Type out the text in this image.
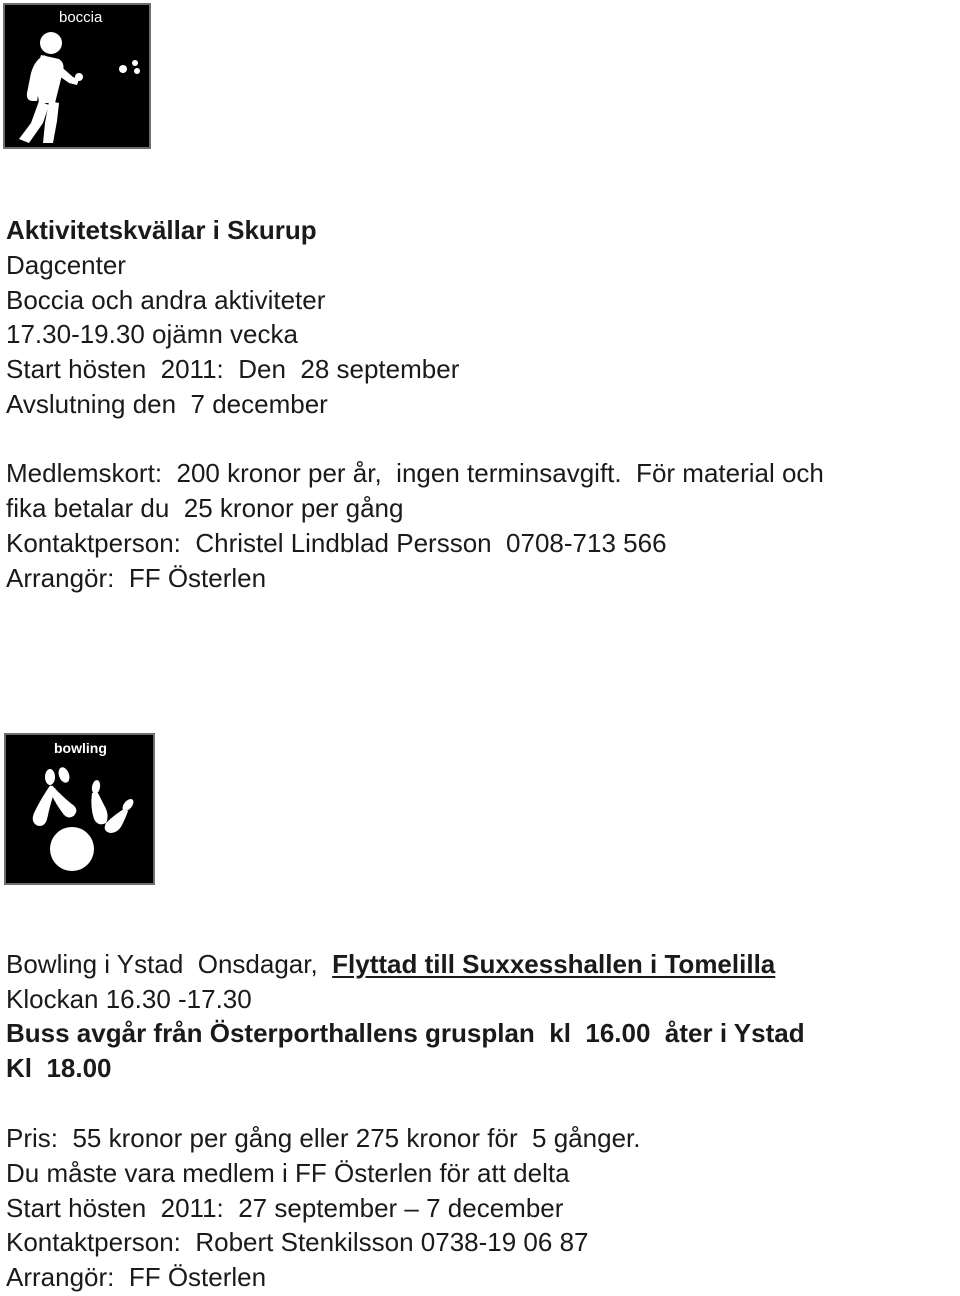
boccia

Aktivitetskvällar i Skurup

Dagcenter

Boccia och andra aktiviteter

17.30-19.30 ojämn vecka

Start hösten  2011:  Den  28 september

Avslutning den  7 december

Medlemskort:  200 kronor per år,  ingen terminsavgift.  För material och

fika betalar du  25 kronor per gång

Kontaktperson:  Christel Lindblad Persson  0708-713 566

Arrangör:  FF Österlen

bowling

Bowling i Ystad  Onsdagar,  Flyttad till Suxxesshallen i Tomelilla

Klockan 16.30 -17.30

Buss avgår från Österporthallens grusplan  kl  16.00  åter i Ystad

Kl  18.00

Pris:  55 kronor per gång eller 275 kronor för  5 gånger.

Du måste vara medlem i FF Österlen för att delta

Start hösten  2011:  27 september – 7 december

Kontaktperson:  Robert Stenkilsson 0738-19 06 87

Arrangör:  FF Österlen
